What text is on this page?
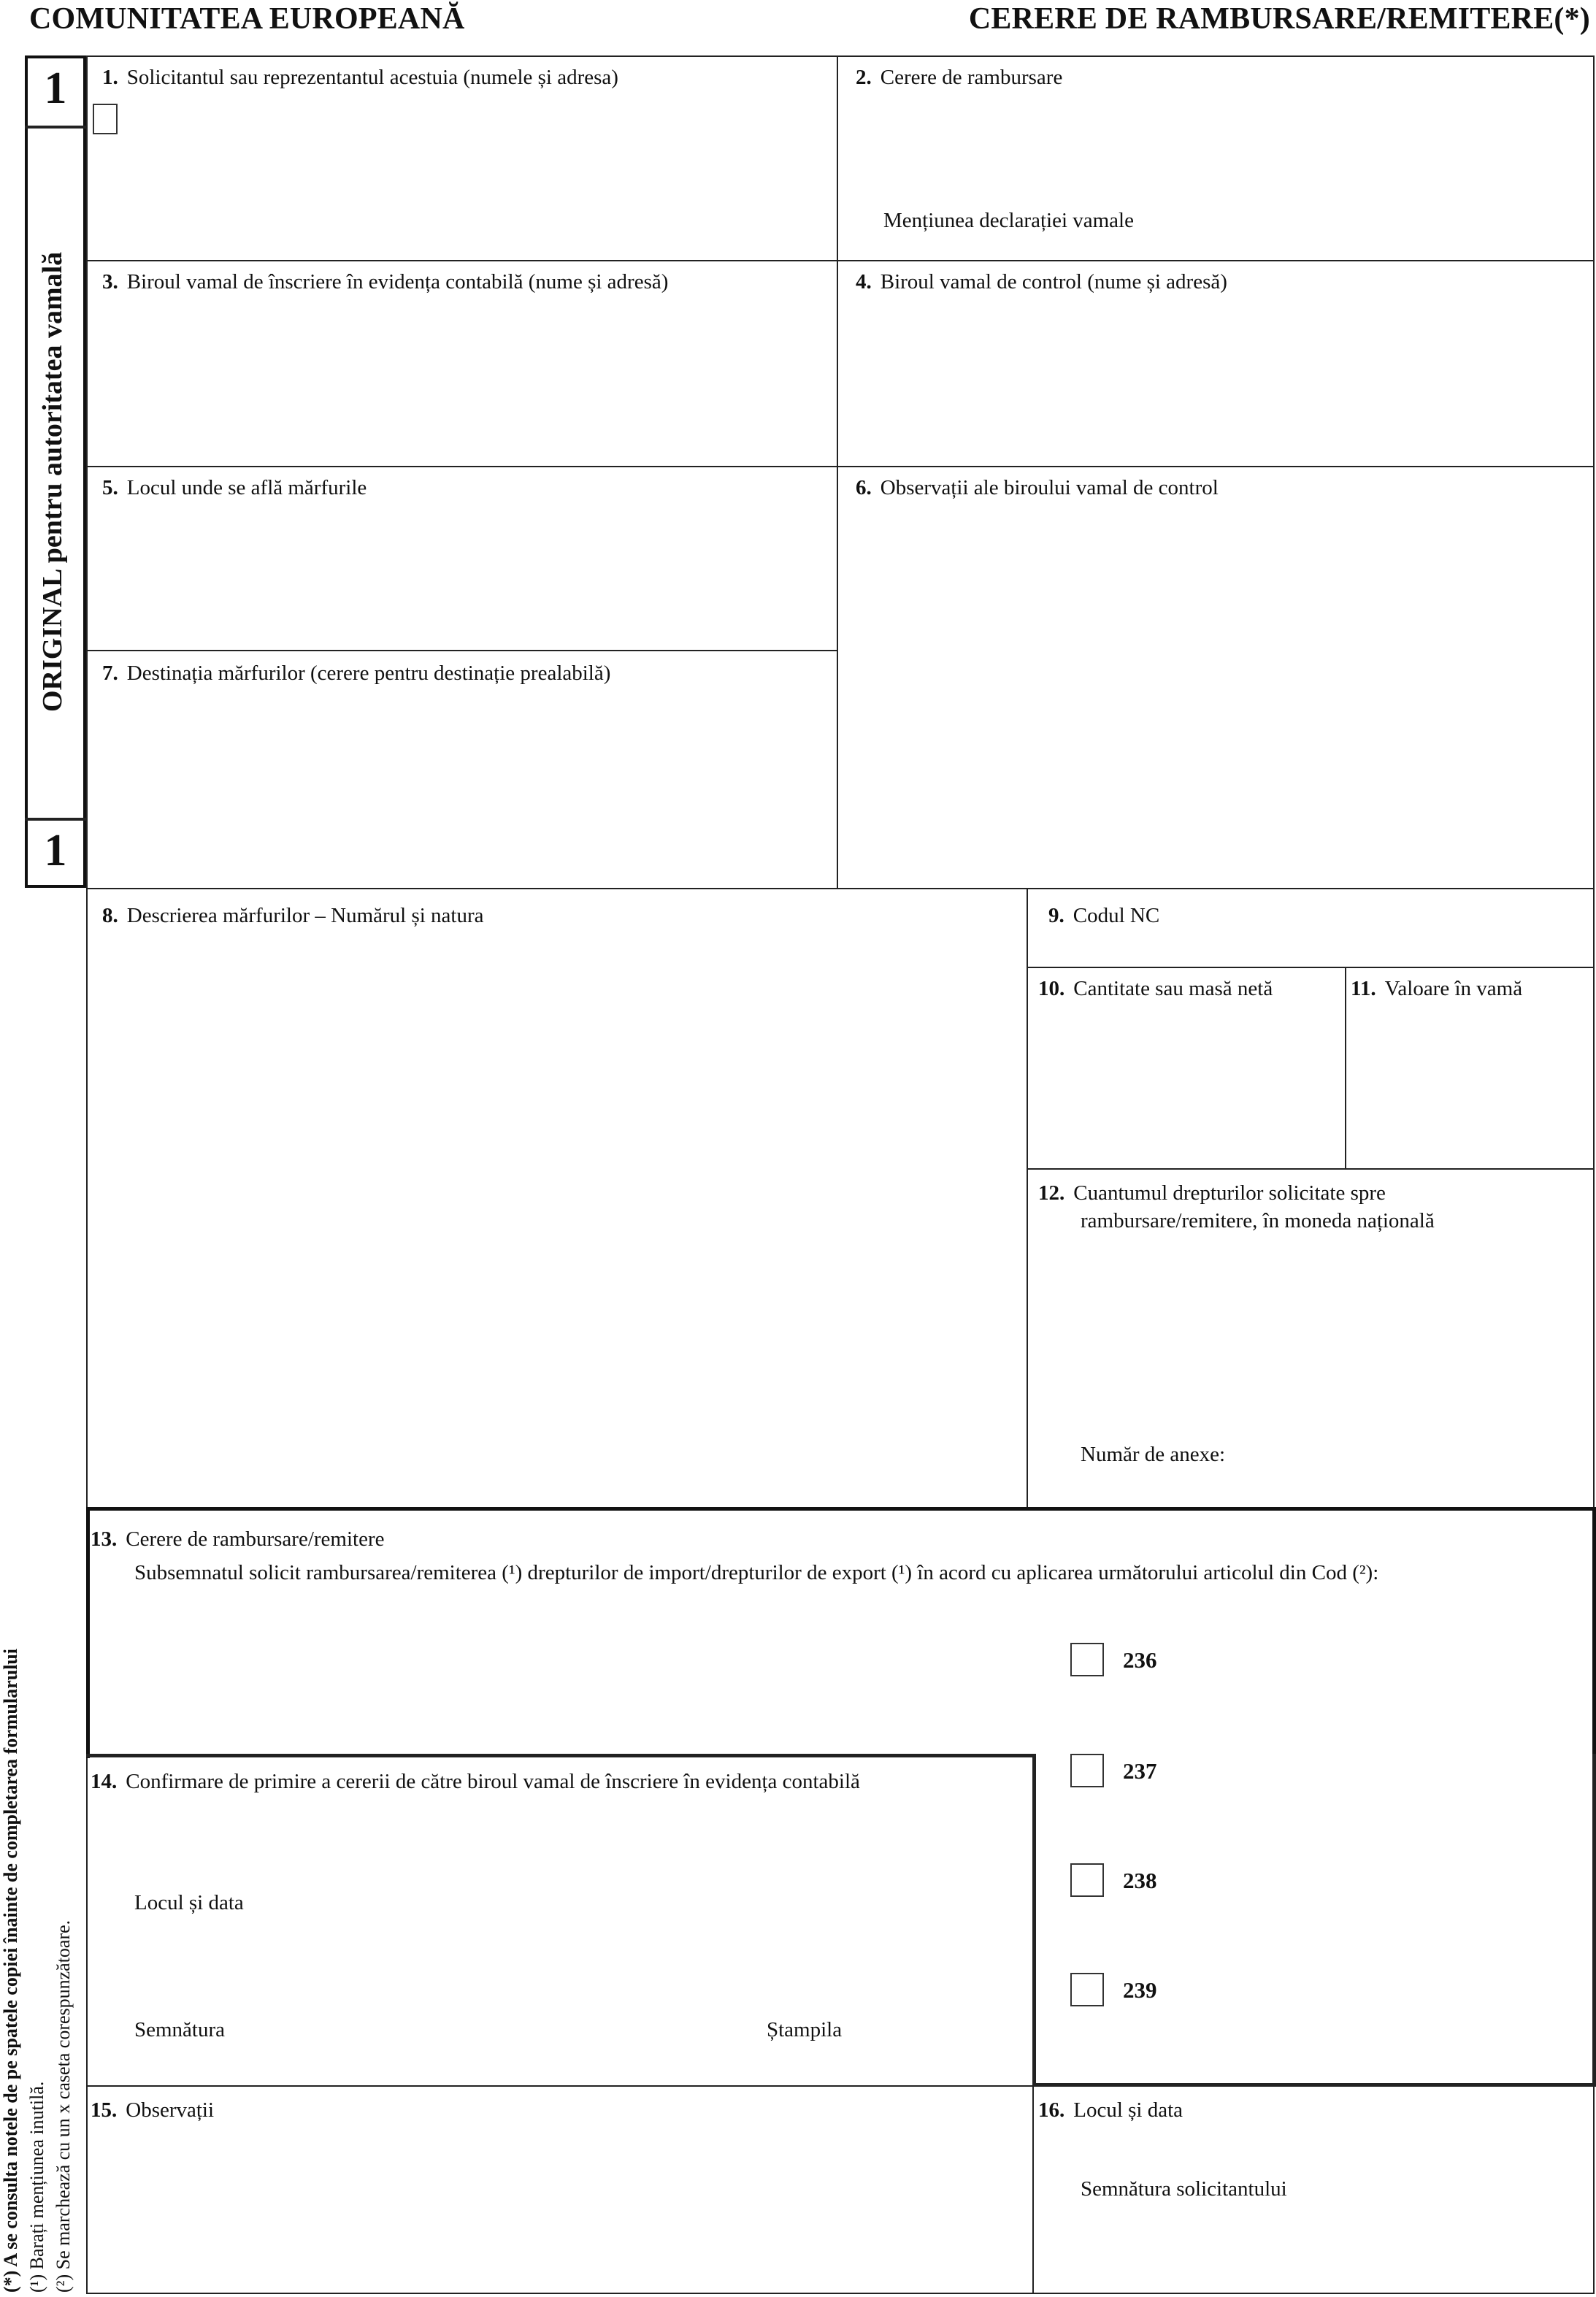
COMUNITATEA EUROPEANĂ	CERERE DE RAMBURSARE/REMITERE(*)
1
1
ORIGINAL pentru autoritatea vamală
(*) A se consulta notele de pe spatele copiei înainte de completarea formularului (¹) Barați mențiunea inutilă. (²) Se marchează cu un x caseta corespunzătoare.
1. Solicitantul sau reprezentantul acestuia (numele și adresa)	2. Cerere de rambursare
Mențiunea declarației vamale
3. Biroul vamal de înscriere în evidența contabilă (nume și adresă)	4. Biroul vamal de control (nume și adresă)
5. Locul unde se află mărfurile	6. Observații ale biroului vamal de control
7. Destinația mărfurilor (cerere pentru destinație prealabilă)
8. Descrierea mărfurilor – Numărul și natura	9. Codul NC
10. Cantitate sau masă netă	11. Valoare în vamă
12. Cuantumul drepturilor solicitate spre
rambursare/remitere, în moneda națională
Număr de anexe:
13. Cerere de rambursare/remitere
Subsemnatul solicit rambursarea/remiterea (¹) drepturilor de import/drepturilor de export (¹) în acord cu aplicarea următorului articolul din Cod (²):
236
237
238
239
14. Confirmare de primire a cererii de către biroul vamal de înscriere în evidența contabilă
Locul și data
Semnătura	Ștampila
15. Observații	16. Locul și data
Semnătura solicitantului
